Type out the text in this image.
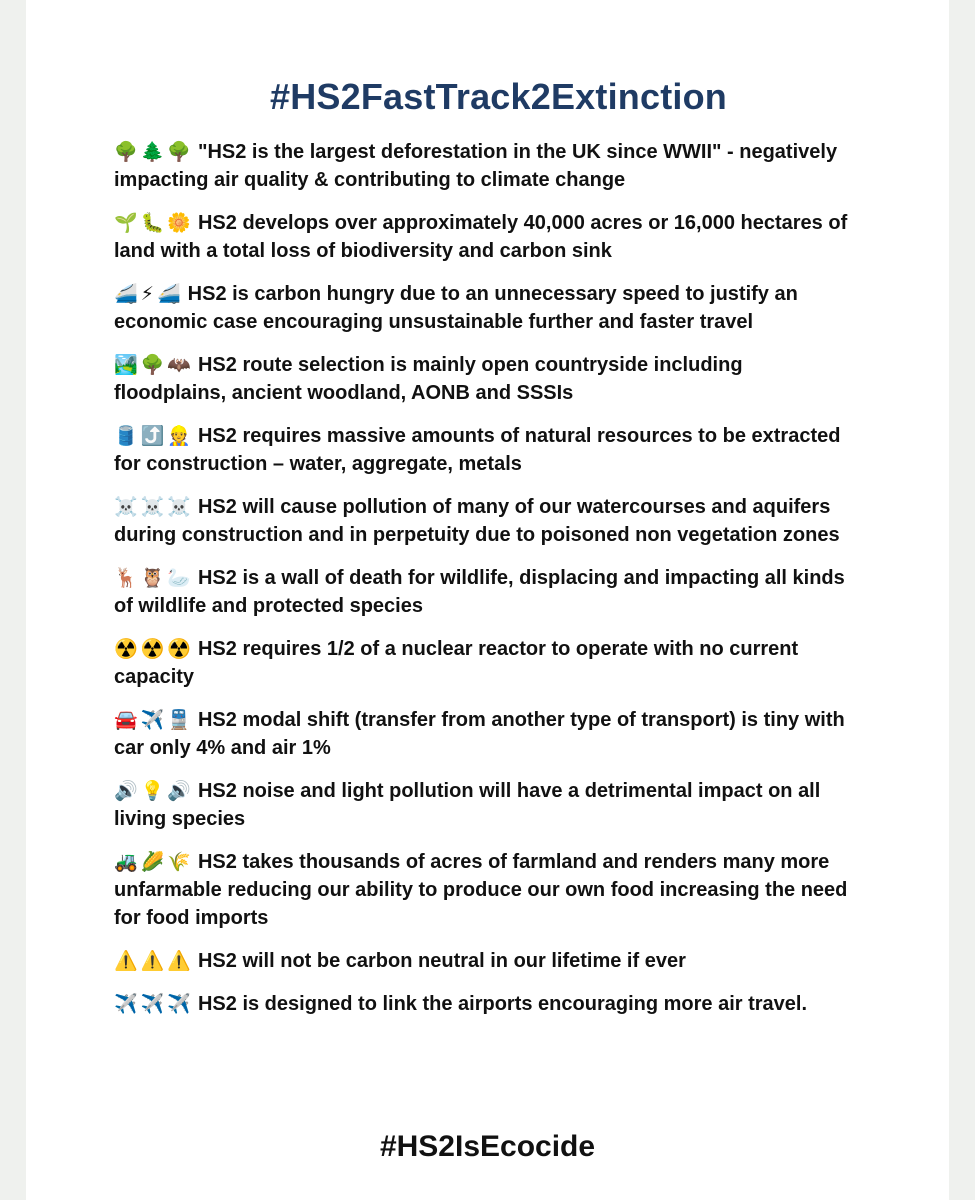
#HS2FastTrack2Extinction
🌳🌲🌳 "HS2 is the largest deforestation in the UK since WWII" - negatively impacting air quality & contributing to climate change
🌱🐛🌼 HS2 develops over approximately 40,000 acres or 16,000 hectares of land with a total loss of biodiversity and carbon sink
🚄⚡🚄 HS2 is carbon hungry due to an unnecessary speed to justify an economic case encouraging unsustainable further and faster travel
🏞️🌳🦇 HS2 route selection is mainly open countryside including floodplains, ancient woodland, AONB and SSSIs
🛢️⤴️👷 HS2 requires massive amounts of natural resources to be extracted for construction – water, aggregate, metals
☠️☠️☠️ HS2 will cause pollution of many of our watercourses and aquifers during construction and in perpetuity due to poisoned non vegetation zones
🦌🦉🦢 HS2 is a wall of death for wildlife, displacing and impacting all kinds of wildlife and protected species
☢️☢️☢️ HS2 requires 1/2 of a nuclear reactor to operate with no current capacity
🚘✈️🚆 HS2 modal shift (transfer from another type of transport) is tiny with car only 4% and air 1%
🔊💡🔊 HS2 noise and light pollution will have a detrimental impact on all living species
🚜🌽🌾 HS2 takes thousands of acres of farmland and renders many more unfarmable reducing our ability to produce our own food increasing the need for food imports
⚠️⚠️⚠️ HS2 will not be carbon neutral in our lifetime if ever
✈️✈️✈️ HS2 is designed to link the airports encouraging more air travel.
#HS2IsEcocide
